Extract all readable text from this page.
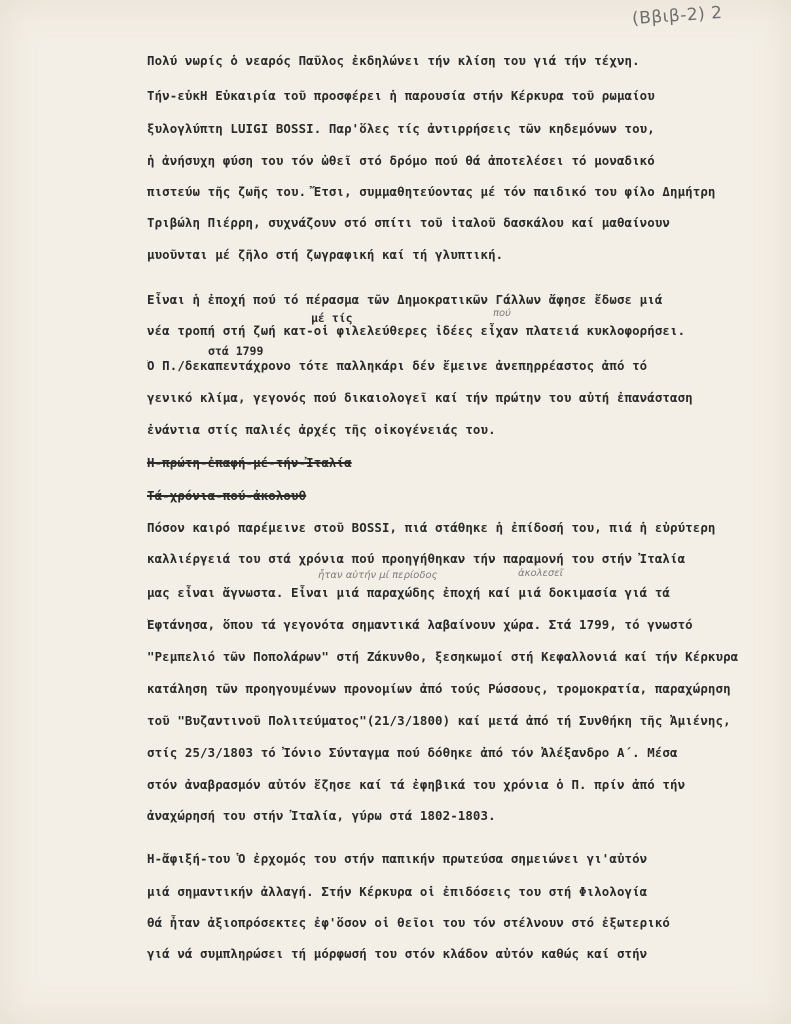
(Ββιβ-2) 2
Πολύ νωρίς ὁ νεαρός Παῦλος ἐκδηλώνει τήν κλίση του γιά τήν τέχνη.
Τήν-εὐκΗ Εὐκαιρία τοῦ προσφέρει ἡ παρουσία στήν Κέρκυρα τοῦ ρωμαίου
ξυλογλύπτη LUIGI BOSSI. Παρ'ὅλες τίς ἀντιρρήσεις τῶν κηδεμόνων του,
ἡ ἀνήσυχη φύση του τόν ὠθεῖ στό δρόμο πού θά ἀποτελέσει τό μοναδικό
πιστεύω τῆς ζωῆς του. Ἔτσι, συμμαθητεύοντας μέ τόν παιδικό του φίλο Δημήτρη
Τριβώλη Πιέρρη, συχνάζουν στό σπίτι τοῦ ἰταλοῦ δασκάλου καί μαθαίνουν
μυοῦνται μέ ζῆλο στή ζωγραφική καί τή γλυπτική.
Εἶναι ἡ ἐποχή πού τό πέρασμα τῶν Δημοκρατικῶν Γάλλων ἄφησε ἔδωσε μιά
νέα τροπή στή ζωή κατ-οἱ φιλελεύθερες ἰδέες εἶχαν πλατειά κυκλοφορήσει.
Ὁ Π./δεκαπεντάχρονο τότε παλληκάρι δέν ἔμεινε ἀνεπηρρέαστος ἀπό τό
γενικό κλίμα, γεγονός πού δικαιολογεῖ καί τήν πρώτην του αὐτή ἐπανάσταση
ἐνάντια στίς παλιές ἀρχές τῆς οἰκογένειάς του.
Ἡ-πρώτη-ἐπαφή-μέ-τήν-Ἰταλία
Τά-χρόνια-πού-ἀκολουθ
Πόσον καιρό παρέμεινε στοῦ BOSSI, πιά στάθηκε ἡ ἐπίδοσή του, πιά ἡ εὐρύτερη
καλλιέργειά του στά χρόνια πού προηγήθηκαν τήν παραμονή του στήν Ἰταλία
μας εἶναι ἄγνωστα. Εἶναι μιά παραχώδης ἐποχή καί μιά δοκιμασία γιά τά
Ἑφτάνησα, ὅπου τά γεγονότα σημαντικά λαβαίνουν χώρα. Στά 1799, τό γνωστό
"Ρεμπελιό τῶν Ποπολάρων" στή Ζάκυνθο, ξεσηκωμοί στή Κεφαλλονιά καί τήν Κέρκυρα
κατάληση τῶν προηγουμένων προνομίων ἀπό τούς Ρώσσους, τρομοκρατία, παραχώρηση
τοῦ "Βυζαντινοῦ Πολιτεύματος"(21/3/1800) καί μετά ἀπό τή Συνθήκη τῆς Ἀμιένης,
στίς 25/3/1803 τό Ἰόνιο Σύνταγμα πού δόθηκε ἀπό τόν Ἀλέξανδρο Α΄. Μέσα
στόν ἀναβρασμόν αὐτόν ἔζησε καί τά ἐφηβικά του χρόνια ὁ Π. πρίν ἀπό τήν
ἀναχώρησή του στήν Ἰταλία, γύρω στά 1802-1803.
Ἡ-ἄφιξή-του Ὁ ἐρχομός του στήν παπικήν πρωτεύσα σημειώνει γι'αὐτόν
μιά σημαντικήν ἀλλαγή. Στήν Κέρκυρα οἱ ἐπιδόσεις του στή Φιλολογία
θά ἦταν ἀξιοπρόσεκτες ἐφ'ὅσον οἱ θεῖοι του τόν στέλνουν στό ἐξωτερικό
γιά νά συμπληρώσει τή μόρφωσή του στόν κλάδον αὐτόν καθώς καί στήν
μέ τίς
στά 1799
πού
ἦταν αὐτήν μί περίοδος	ἀκολεσεῖ
